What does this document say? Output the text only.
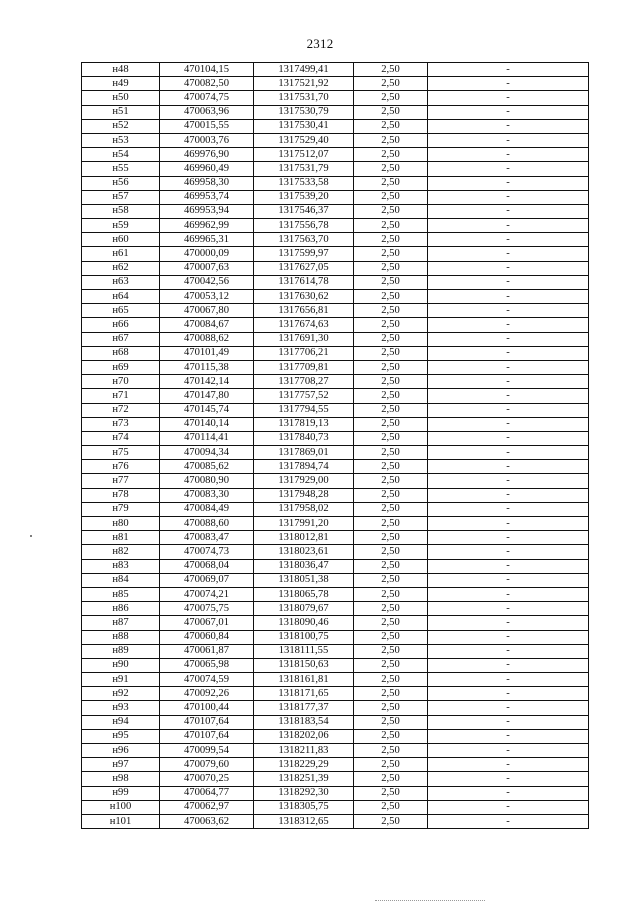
2312
н48	470104,15	1317499,41	2,50	-
н49	470082,50	1317521,92	2,50	-
н50	470074,75	1317531,70	2,50	-
н51	470063,96	1317530,79	2,50	-
н52	470015,55	1317530,41	2,50	-
н53	470003,76	1317529,40	2,50	-
н54	469976,90	1317512,07	2,50	-
н55	469960,49	1317531,79	2,50	-
н56	469958,30	1317533,58	2,50	-
н57	469953,74	1317539,20	2,50	-
н58	469953,94	1317546,37	2,50	-
н59	469962,99	1317556,78	2,50	-
н60	469965,31	1317563,70	2,50	-
н61	470000,09	1317599,97	2,50	-
н62	470007,63	1317627,05	2,50	-
н63	470042,56	1317614,78	2,50	-
н64	470053,12	1317630,62	2,50	-
н65	470067,80	1317656,81	2,50	-
н66	470084,67	1317674,63	2,50	-
н67	470088,62	1317691,30	2,50	-
н68	470101,49	1317706,21	2,50	-
н69	470115,38	1317709,81	2,50	-
н70	470142,14	1317708,27	2,50	-
н71	470147,80	1317757,52	2,50	-
н72	470145,74	1317794,55	2,50	-
н73	470140,14	1317819,13	2,50	-
н74	470114,41	1317840,73	2,50	-
н75	470094,34	1317869,01	2,50	-
н76	470085,62	1317894,74	2,50	-
н77	470080,90	1317929,00	2,50	-
н78	470083,30	1317948,28	2,50	-
н79	470084,49	1317958,02	2,50	-
н80	470088,60	1317991,20	2,50	-
н81	470083,47	1318012,81	2,50	-
н82	470074,73	1318023,61	2,50	-
н83	470068,04	1318036,47	2,50	-
н84	470069,07	1318051,38	2,50	-
н85	470074,21	1318065,78	2,50	-
н86	470075,75	1318079,67	2,50	-
н87	470067,01	1318090,46	2,50	-
н88	470060,84	1318100,75	2,50	-
н89	470061,87	1318111,55	2,50	-
н90	470065,98	1318150,63	2,50	-
н91	470074,59	1318161,81	2,50	-
н92	470092,26	1318171,65	2,50	-
н93	470100,44	1318177,37	2,50	-
н94	470107,64	1318183,54	2,50	-
н95	470107,64	1318202,06	2,50	-
н96	470099,54	1318211,83	2,50	-
н97	470079,60	1318229,29	2,50	-
н98	470070,25	1318251,39	2,50	-
н99	470064,77	1318292,30	2,50	-
н100	470062,97	1318305,75	2,50	-
н101	470063,62	1318312,65	2,50	-
